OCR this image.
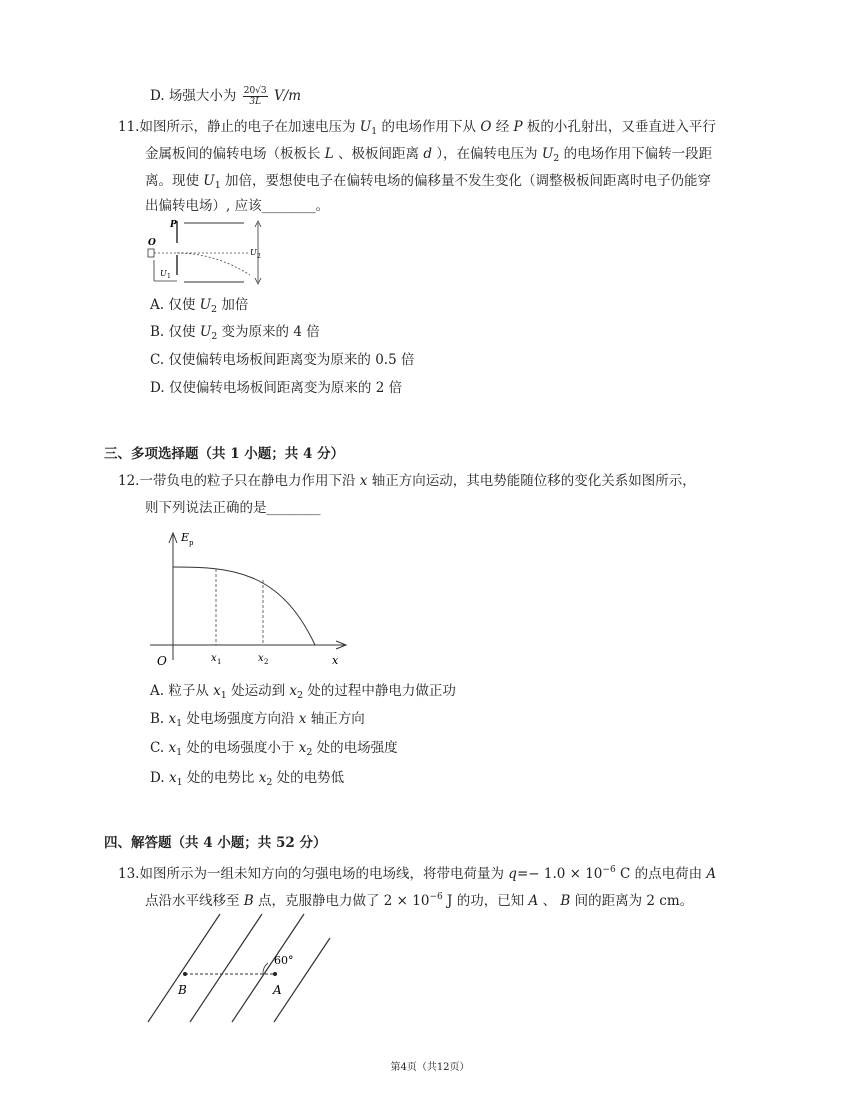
D. 场强大小为 $\frac{20√3}{3L} V/m$
11.如图所示，静止的电子在加速电压为 $U_1$ 的电场作用下从 O 经 P 板的小孔射出，又垂直进入平行
金属板间的偏转电场（板板长 L 、极板间距离 d ），在偏转电压为 $U_2$ 的电场作用下偏转一段距
离。现使 $U_1$ 加倍，要想使电子在偏转电场的偏移量不发生变化（调整极板间距离时电子仍能穿
出偏转电场）, 应该________。
P
U 2
O
U 1
A. 仅使 $U_2$ 加倍
B. 仅使 $U_2$ 变为原来的 4 倍
C. 仅使偏转电场板间距离变为原来的 0.5 倍
D. 仅使偏转电场板间距离变为原来的 2 倍
三、多项选择题（共 1 小题；共 4 分）
12.一带负电的粒子只在静电力作用下沿 x 轴正方向运动，其电势能随位移的变化关系如图所示，
则下列说法正确的是________
E p
O	x 1	x 2	x
A. 粒子从 $x_1$ 处运动到 $x_2$ 处的过程中静电力做正功
B. $x_1$ 处电场强度方向沿 x 轴正方向
C. $x_1$ 处的电场强度小于 $x_2$ 处的电场强度
D. $x_1$ 处的电势比 $x_2$ 处的电势低
四、解答题（共 4 小题；共 52 分）
13.如图所示为一组未知方向的匀强电场的电场线，将带电荷量为 $q=- 1.0 \times 10^{-6}$ C 的点电荷由 A
点沿水平线移至 B 点，克服静电力做了 $2 \times 10^{-6}$ J 的功，已知 A 、 B 间的距离为 2 cm。
60°
B	A
第4页（共12页）
